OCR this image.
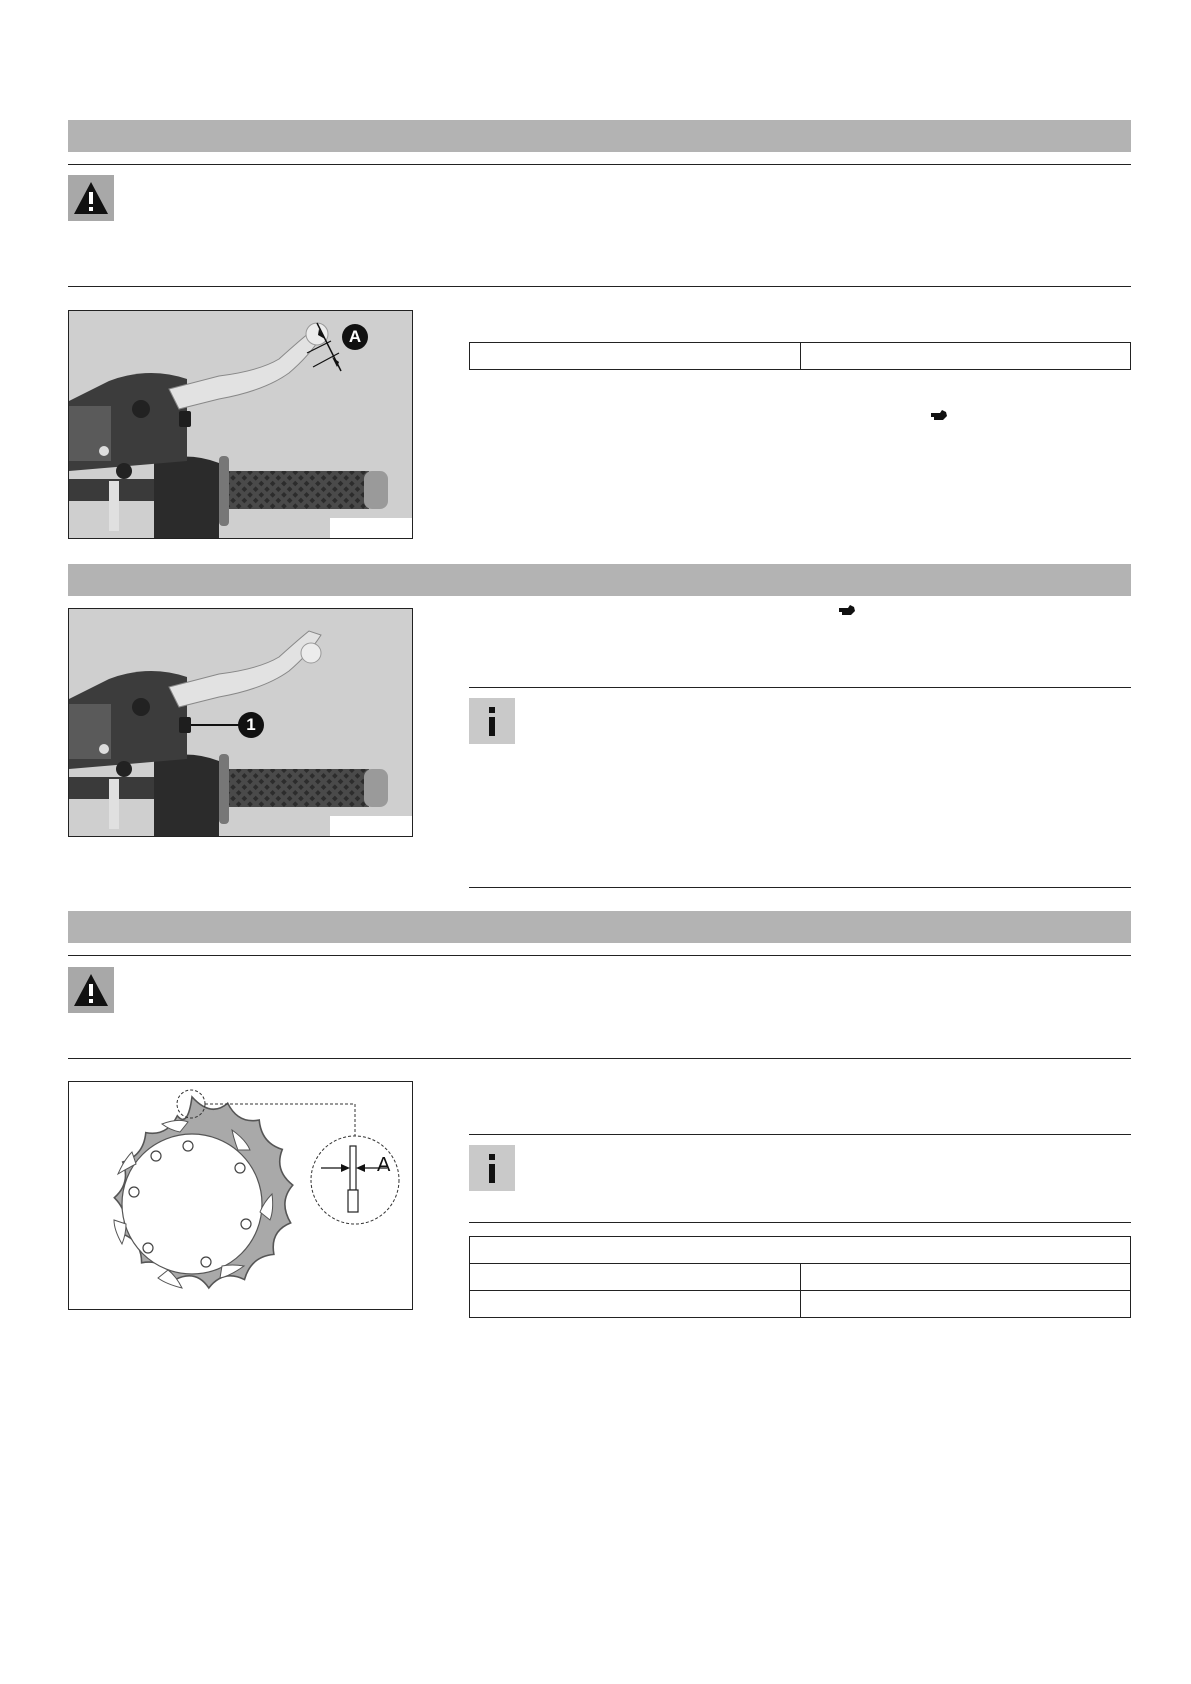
A

1
A
